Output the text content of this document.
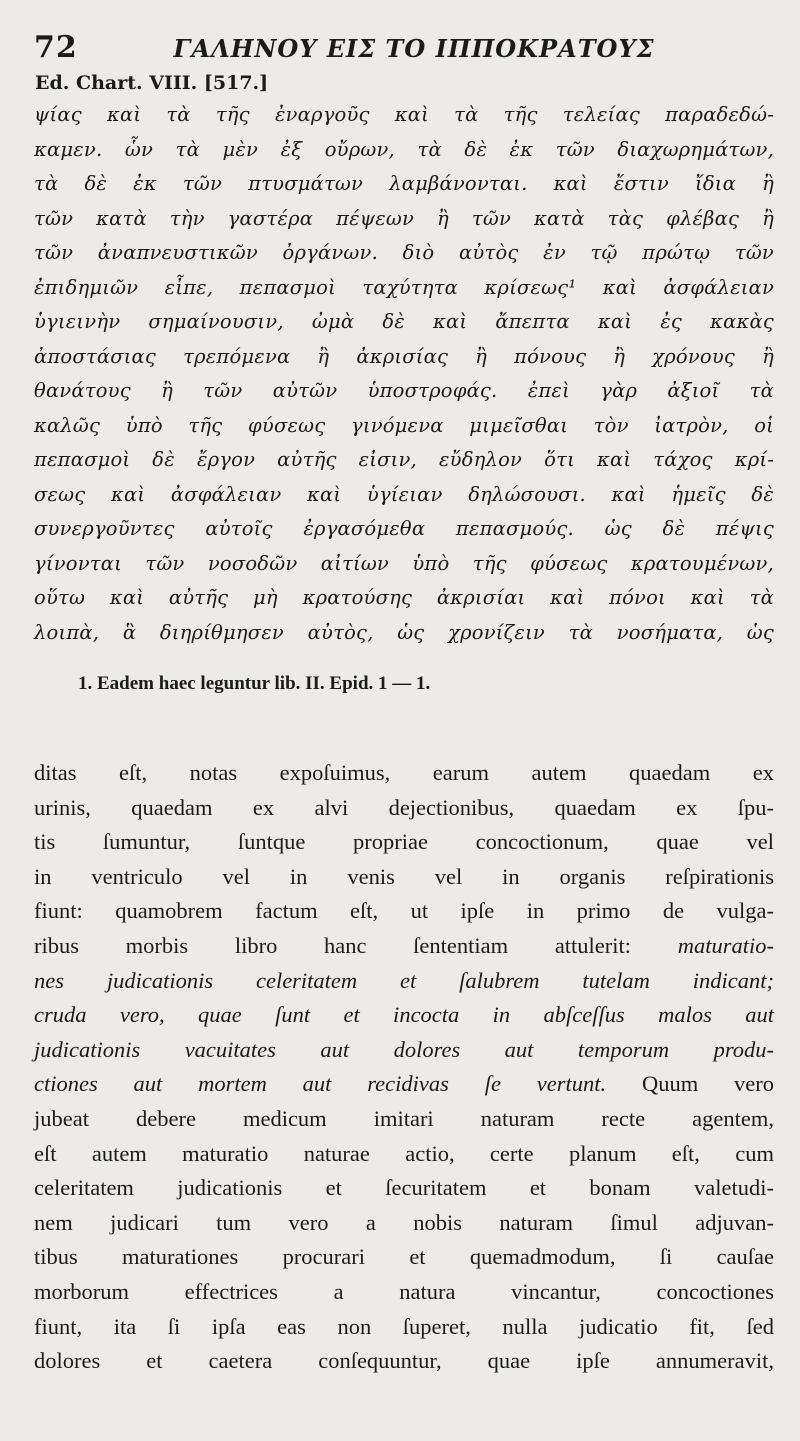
72	ΓΑΛΗΝΟΥ ΕΙΣ ΤΟ ΙΠΠΟΚΡΑΤΟΥΣ
Ed. Chart. VIII. [517.]
ψίας καὶ τὰ τῆς ἐναργοῦς καὶ τὰ τῆς τελείας παραδεδώ-
καμεν. ὧν τὰ μὲν ἐξ οὔρων, τὰ δὲ ἐκ τῶν διαχωρημάτων,
τὰ δὲ ἐκ τῶν πτυσμάτων λαμβάνονται. καὶ ἔστιν ἴδια ἢ
τῶν κατὰ τὴν γαστέρα πέψεων ἢ τῶν κατὰ τὰς φλέβας ἢ
τῶν ἀναπνευστικῶν ὀργάνων. διὸ αὐτὸς ἐν τῷ πρώτῳ τῶν
ἐπιδημιῶν εἶπε, πεπασμοὶ ταχύτητα κρίσεως¹ καὶ ἀσφάλειαν
ὑγιεινὴν σημαίνουσιν, ὠμὰ δὲ καὶ ἄπεπτα καὶ ἐς κακὰς
ἀποστάσιας τρεπόμενα ἢ ἀκρισίας ἢ πόνους ἢ χρόνους ἢ
θανάτους ἢ τῶν αὐτῶν ὑποστροφάς. ἐπεὶ γὰρ ἀξιοῖ τὰ
καλῶς ὑπὸ τῆς φύσεως γινόμενα μιμεῖσθαι τὸν ἰατρὸν, οἱ
πεπασμοὶ δὲ ἔργον αὐτῆς εἰσιν, εὔδηλον ὅτι καὶ τάχος κρί-
σεως καὶ ἀσφάλειαν καὶ ὑγίειαν δηλώσουσι. καὶ ἡμεῖς δὲ
συνεργοῦντες αὐτοῖς ἐργασόμεθα πεπασμούς. ὡς δὲ πέψις
γίνονται τῶν νοσοδῶν αἰτίων ὑπὸ τῆς φύσεως κρατουμένων,
οὕτω καὶ αὐτῆς μὴ κρατούσης ἀκρισίαι καὶ πόνοι καὶ τὰ
λοιπὰ, ἃ διηρίθμησεν αὐτὸς, ὡς χρονίζειν τὰ νοσήματα, ὡς
1. Eadem haec leguntur lib. II. Epid. 1 — 1.
ditas eſt, notas expoſuimus, earum autem quaedam ex
urinis, quaedam ex alvi dejectionibus, quaedam ex ſpu-
tis ſumuntur, ſuntque propriae concoctionum, quae vel
in ventriculo vel in venis vel in organis reſpirationis
fiunt: quamobrem factum eſt, ut ipſe in primo de vulga-
ribus morbis libro hanc ſententiam attulerit: maturatio-
nes judicationis celeritatem et ſalubrem tutelam indicant;
cruda vero, quae ſunt et incocta in abſceſſus malos aut
judicationis vacuitates aut dolores aut temporum produ-
ctiones aut mortem aut recidivas ſe vertunt. Quum vero
jubeat debere medicum imitari naturam recte agentem,
eſt autem maturatio naturae actio, certe planum eſt, cum
celeritatem judicationis et ſecuritatem et bonam valetudi-
nem judicari tum vero a nobis naturam ſimul adjuvan-
tibus maturationes procurari et quemadmodum, ſi cauſae
morborum effectrices a natura vincantur, concoctiones
fiunt, ita ſi ipſa eas non ſuperet, nulla judicatio fit, ſed
dolores et caetera conſequuntur, quae ipſe annumeravit,
